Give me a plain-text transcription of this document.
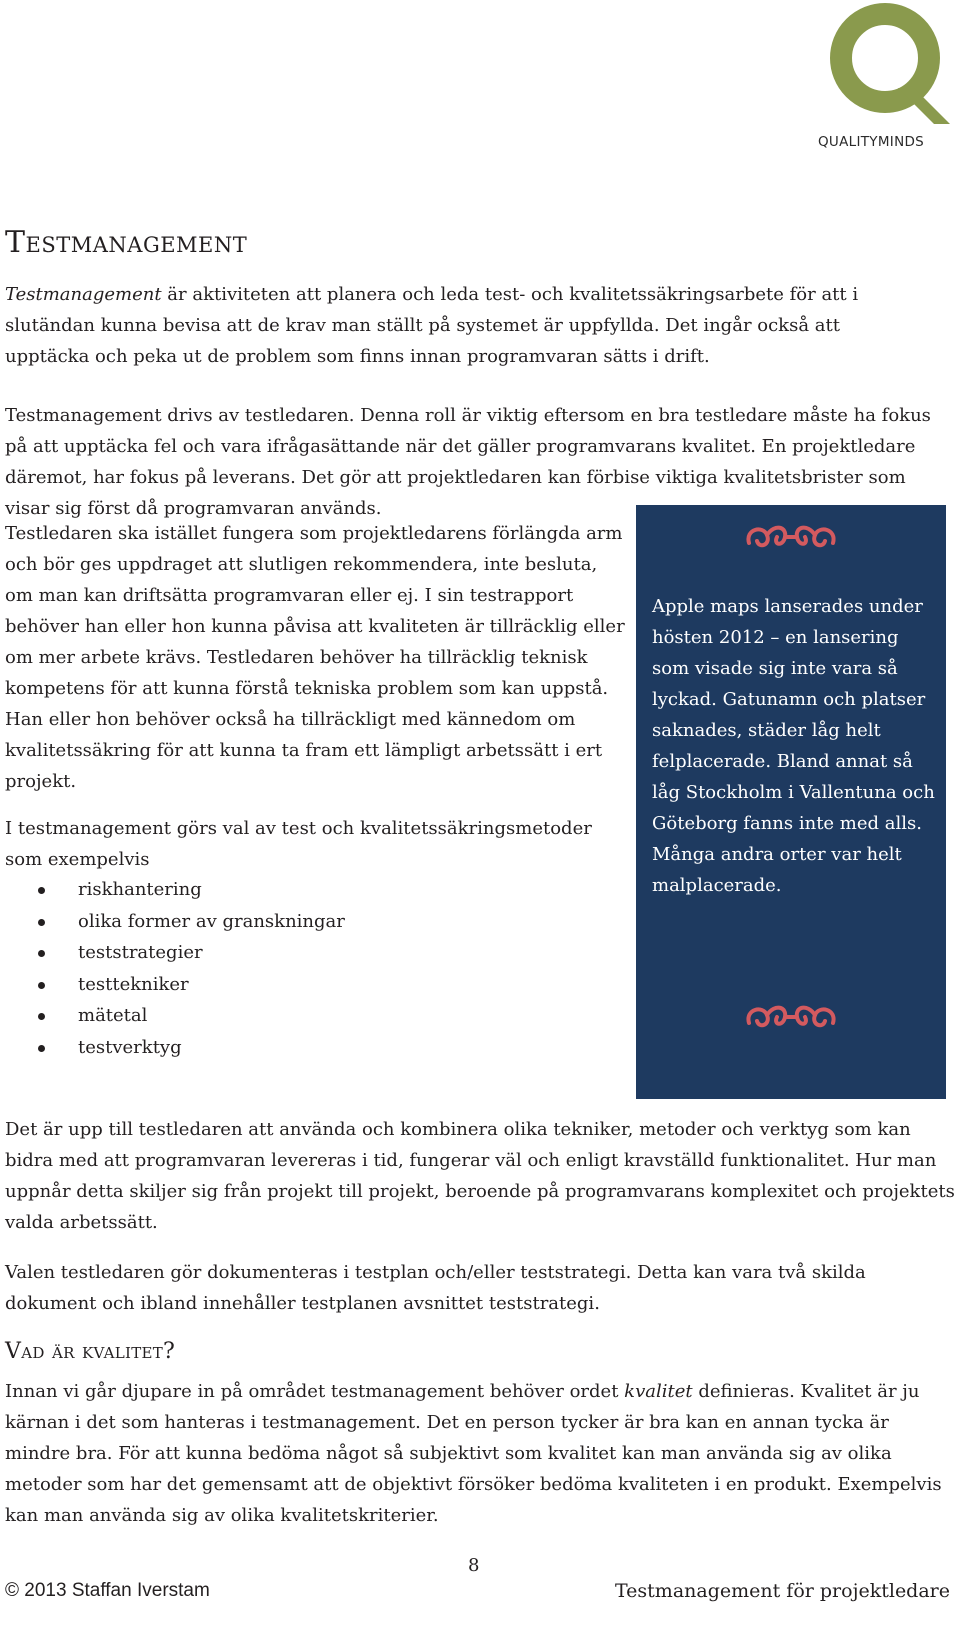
QUALITYMINDS
Testmanagement

Testmanagement är aktiviteten att planera och leda test- och kvalitetssäkringsarbete för att i slutändan kunna bevisa att de krav man ställt på systemet är uppfyllda. Det ingår också att upptäcka och peka ut de problem som finns innan programvaran sätts i drift.

Testmanagement drivs av testledaren. Denna roll är viktig eftersom en bra testledare måste ha fokus på att upptäcka fel och vara ifrågasättande när det gäller programvarans kvalitet. En projektledare däremot, har fokus på leverans. Det gör att projektledaren kan förbise viktiga kvalitetsbrister som visar sig först då programvaran används.

Testledaren ska istället fungera som projektledarens förlängda arm och bör ges uppdraget att slutligen rekommendera, inte besluta, om man kan driftsätta programvaran eller ej. I sin testrapport behöver han eller hon kunna påvisa att kvaliteten är tillräcklig eller om mer arbete krävs. Testledaren behöver ha tillräcklig teknisk kompetens för att kunna förstå tekniska problem som kan uppstå. Han eller hon behöver också ha tillräckligt med kännedom om kvalitetssäkring för att kunna ta fram ett lämpligt arbetssätt i ert projekt.

I testmanagement görs val av test och kvalitetssäkringsmetoder som exempelvis

riskhantering
olika former av granskningar
teststrategier
testtekniker
mätetal
testverktyg

Apple maps lanserades under hösten 2012 – en lansering som visade sig inte vara så lyckad. Gatunamn och platser saknades, städer låg helt felplacerade. Bland annat så låg Stockholm i Vallentuna och Göteborg fanns inte med alls. Många andra orter var helt malplacerade.

Det är upp till testledaren att använda och kombinera olika tekniker, metoder och verktyg som kan bidra med att programvaran levereras i tid, fungerar väl och enligt kravställd funktionalitet. Hur man uppnår detta skiljer sig från projekt till projekt, beroende på programvarans komplexitet och projektets valda arbetssätt.

Valen testledaren gör dokumenteras i testplan och/eller teststrategi. Detta kan vara två skilda dokument och ibland innehåller testplanen avsnittet teststrategi.

Vad är kvalitet?

Innan vi går djupare in på området testmanagement behöver ordet kvalitet definieras. Kvalitet är ju kärnan i det som hanteras i testmanagement. Det en person tycker är bra kan en annan tycka är mindre bra. För att kunna bedöma något så subjektivt som kvalitet kan man använda sig av olika metoder som har det gemensamt att de objektivt försöker bedöma kvaliteten i en produkt. Exempelvis kan man använda sig av olika kvalitetskriterier.

8
© 2013 Staffan Iverstam	Testmanagement för projektledare
